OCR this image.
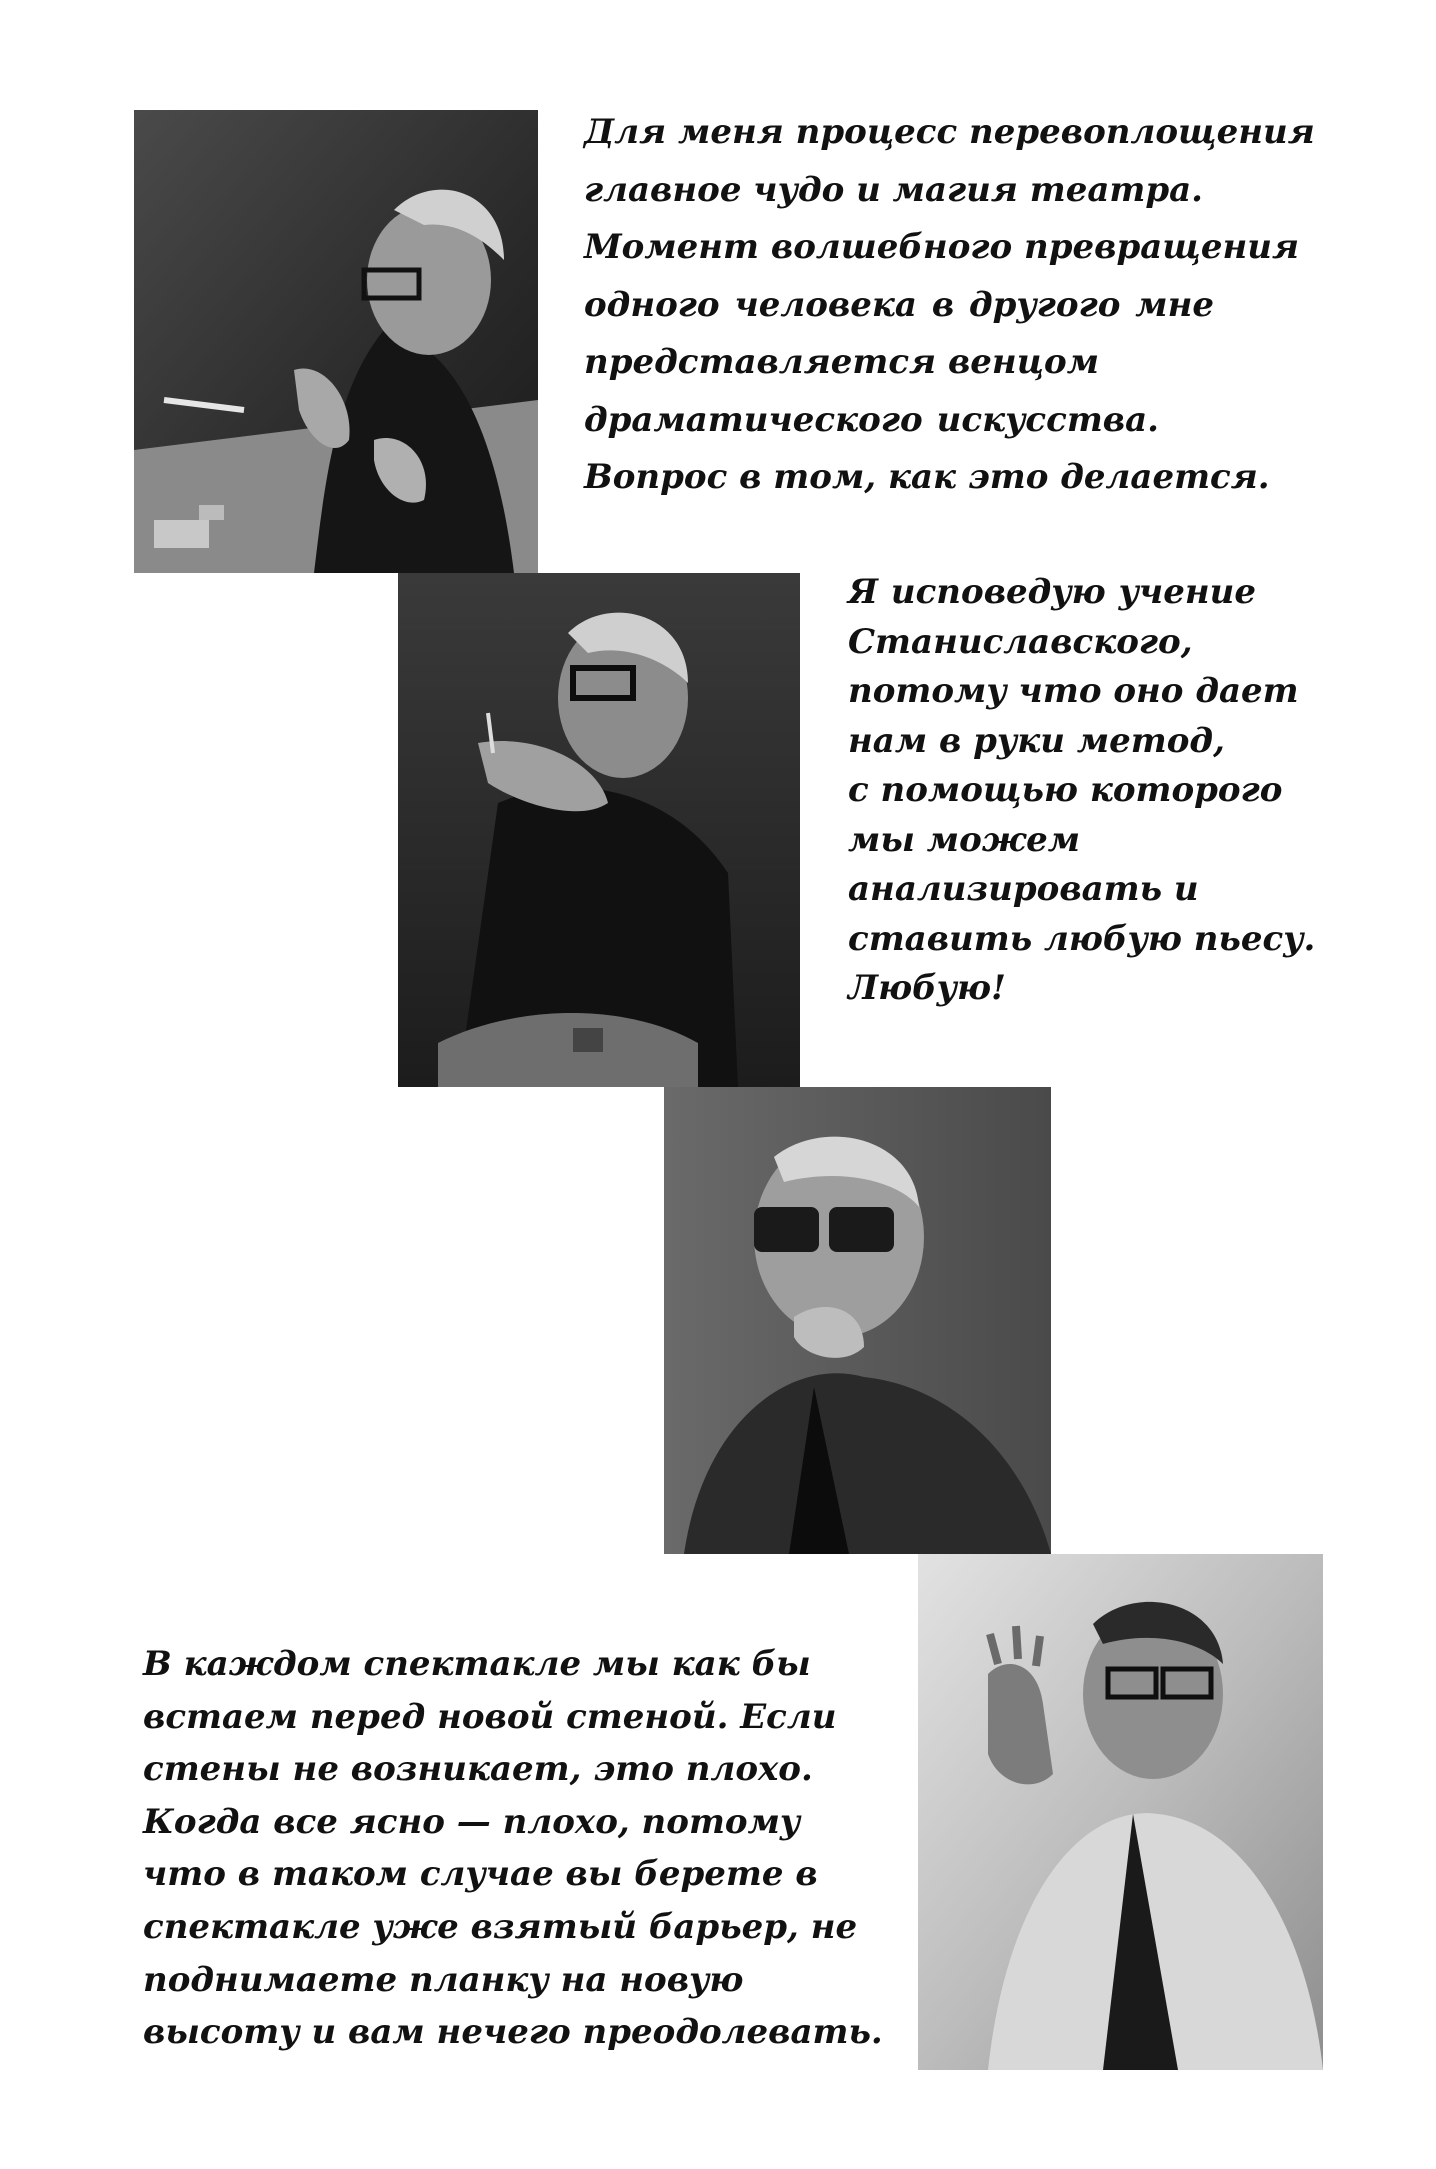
Для меня процесс перевоплощения
главное чудо и магия театра.
Момент волшебного превращения
одного человека в другого мне
представляется венцом
драматического искусства.
Вопрос в том, как это делается.

Я исповедую учение
Станиславского,
потому что оно дает
нам в руки метод,
с помощью которого
мы можем
анализировать и
ставить любую пьесу.
Любую!

В каждом спектакле мы как бы
встаем перед новой стеной. Если
стены не возникает, это плохо.
Когда все ясно — плохо, потому
что в таком случае вы берете в
спектакле уже взятый барьер, не
поднимаете планку на новую
высоту и вам нечего преодолевать.
